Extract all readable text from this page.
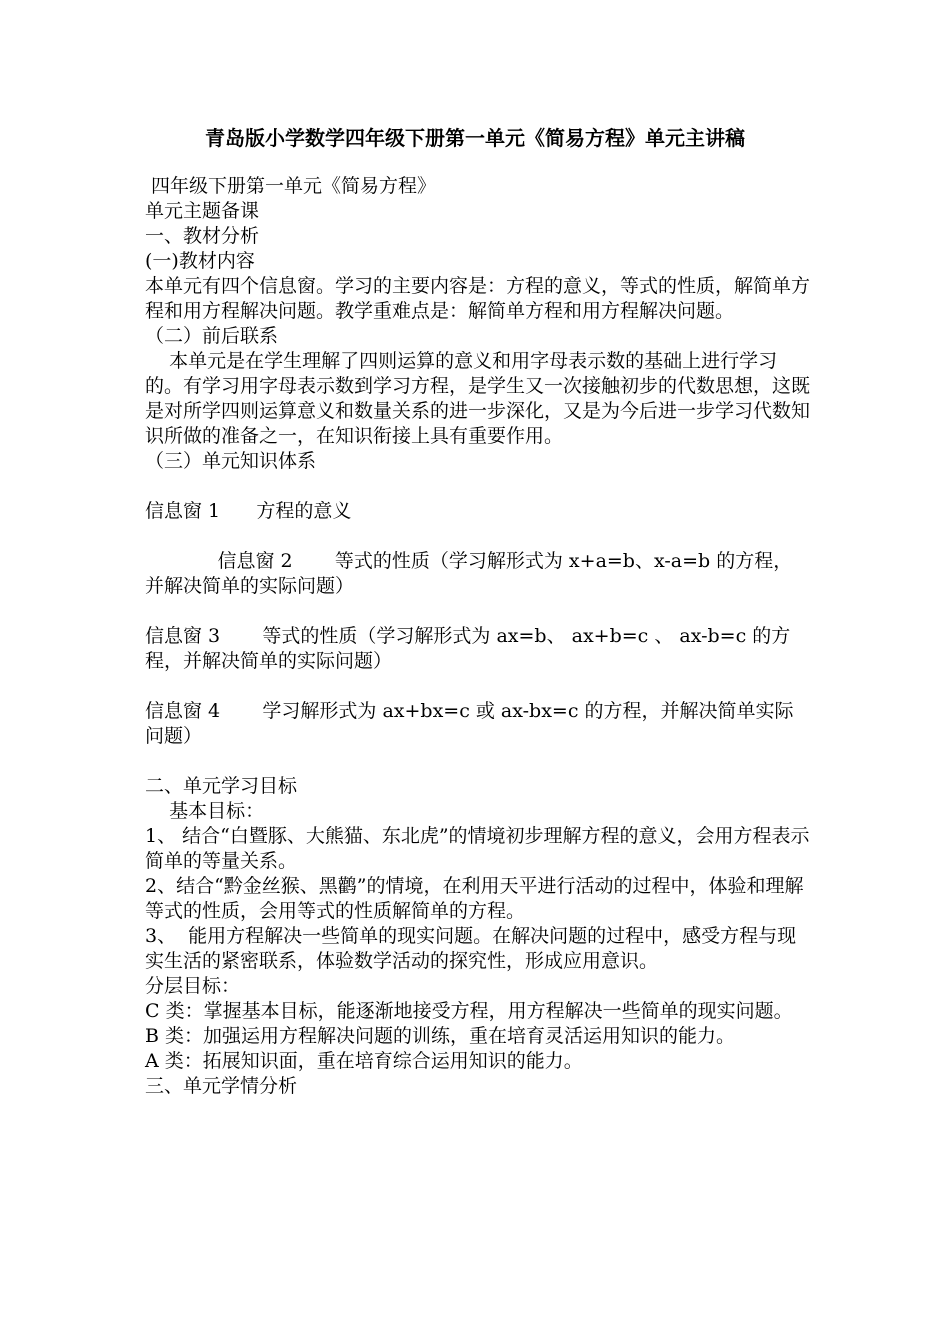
青岛版小学数学四年级下册第一单元《简易方程》单元主讲稿

四年级下册第一单元《简易方程》

单元主题备课

一、教材分析

(一)教材内容

本单元有四个信息窗。学习的主要内容是：方程的意义，等式的性质，解简单方程和用方程解决问题。教学重难点是：解简单方程和用方程解决问题。

（二）前后联系

本单元是在学生理解了四则运算的意义和用字母表示数的基础上进行学习的。有学习用字母表示数到学习方程，是学生又一次接触初步的代数思想，这既是对所学四则运算意义和数量关系的进一步深化，又是为今后进一步学习代数知识所做的准备之一，在知识衔接上具有重要作用。

（三）单元知识体系

信息窗 1      方程的意义

信息窗 2       等式的性质（学习解形式为 x+a=b、x-a=b 的方程，并解决简单的实际问题）

信息窗 3       等式的性质（学习解形式为 ax=b、 ax+b=c 、 ax-b=c 的方程，并解决简单的实际问题）

信息窗 4       学习解形式为 ax+bx=c 或 ax-bx=c 的方程，并解决简单实际问题）

二、单元学习目标

基本目标：

1、 结合“白暨豚、大熊猫、东北虎”的情境初步理解方程的意义，会用方程表示简单的等量关系。

2、结合“黔金丝猴、黑鹳”的情境，在利用天平进行活动的过程中，体验和理解等式的性质，会用等式的性质解简单的方程。

3、  能用方程解决一些简单的现实问题。在解决问题的过程中，感受方程与现实生活的紧密联系，体验数学活动的探究性，形成应用意识。

分层目标：

C 类：掌握基本目标，能逐渐地接受方程，用方程解决一些简单的现实问题。

B 类：加强运用方程解决问题的训练，重在培育灵活运用知识的能力。

A 类：拓展知识面，重在培育综合运用知识的能力。

三、单元学情分析
